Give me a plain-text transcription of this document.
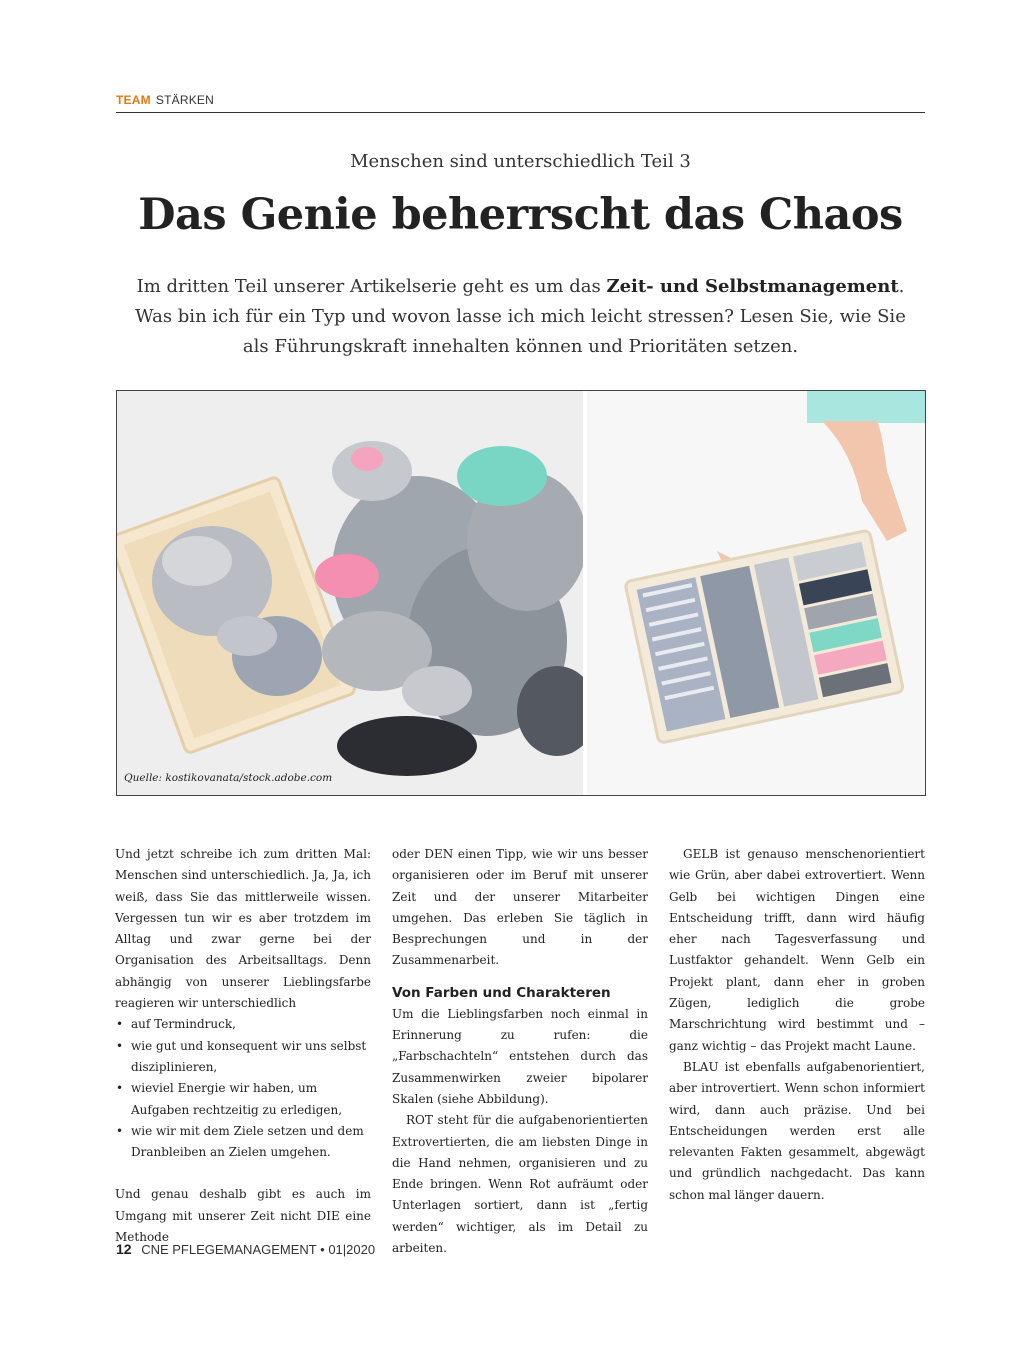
TEAM STÄRKEN
Menschen sind unterschiedlich Teil 3
Das Genie beherrscht das Chaos
Im dritten Teil unserer Artikelserie geht es um das Zeit- und Selbstmanagement. Was bin ich für ein Typ und wovon lasse ich mich leicht stressen? Lesen Sie, wie Sie als Führungskraft innehalten können und Prioritäten setzen.
Quelle: kostikovanata/stock.adobe.com

Und jetzt schreibe ich zum dritten Mal: Menschen sind unterschiedlich. Ja, Ja, ich weiß, dass Sie das mittlerweile wissen. Vergessen tun wir es aber trotzdem im Alltag und zwar gerne bei der Organisation des Arbeitsalltags. Denn abhängig von unserer Lieblingsfarbe reagieren wir unterschiedlich

• auf Termindruck,
• wie gut und konsequent wir uns selbst disziplinieren,
• wieviel Energie wir haben, um Aufgaben rechtzeitig zu erledigen,
• wie wir mit dem Ziele setzen und dem Dranbleiben an Zielen umgehen.

Und genau deshalb gibt es auch im Umgang mit unserer Zeit nicht DIE eine Methode

oder DEN einen Tipp, wie wir uns besser organisieren oder im Beruf mit unserer Zeit und der unserer Mitarbeiter umgehen. Das erleben Sie täglich in Besprechungen und in der Zusammenarbeit.

Von Farben und Charakteren

Um die Lieblingsfarben noch einmal in Erinnerung zu rufen: die „Farbschachteln“ entstehen durch das Zusammenwirken zweier bipolarer Skalen (siehe Abbildung).

ROT steht für die aufgabenorientierten Extrovertierten, die am liebsten Dinge in die Hand nehmen, organisieren und zu Ende bringen. Wenn Rot aufräumt oder Unterlagen sortiert, dann ist „fertig werden“ wichtiger, als im Detail zu arbeiten.

GELB ist genauso menschenorientiert wie Grün, aber dabei extrovertiert. Wenn Gelb bei wichtigen Dingen eine Entscheidung trifft, dann wird häufig eher nach Tagesverfassung und Lustfaktor gehandelt. Wenn Gelb ein Projekt plant, dann eher in groben Zügen, lediglich die grobe Marschrichtung wird bestimmt und – ganz wichtig – das Projekt macht Laune.

BLAU ist ebenfalls aufgabenorientiert, aber introvertiert. Wenn schon informiert wird, dann auch präzise. Und bei Entscheidungen werden erst alle relevanten Fakten gesammelt, abgewägt und gründlich nachgedacht. Das kann schon mal länger dauern.

12 CNE PFLEGEMANAGEMENT • 01|2020
